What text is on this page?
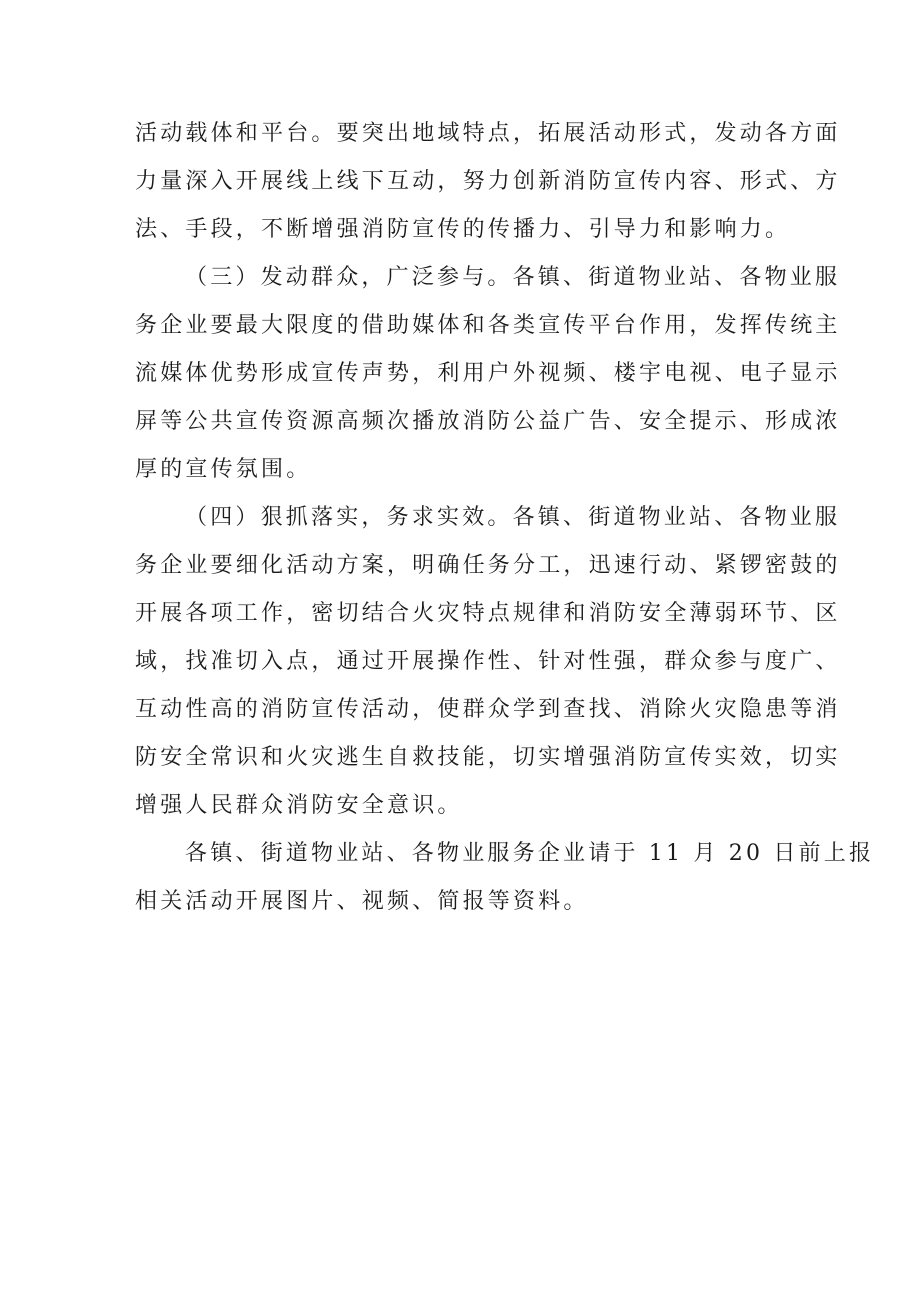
活动载体和平台。要突出地域特点，拓展活动形式，发动各方面
力量深入开展线上线下互动，努力创新消防宣传内容、形式、方
法、手段，不断增强消防宣传的传播力、引导力和影响力。
（三）发动群众，广泛参与。各镇、街道物业站、各物业服
务企业要最大限度的借助媒体和各类宣传平台作用，发挥传统主
流媒体优势形成宣传声势，利用户外视频、楼宇电视、电子显示
屏等公共宣传资源高频次播放消防公益广告、安全提示、形成浓
厚的宣传氛围。
（四）狠抓落实，务求实效。各镇、街道物业站、各物业服
务企业要细化活动方案，明确任务分工，迅速行动、紧锣密鼓的
开展各项工作，密切结合火灾特点规律和消防安全薄弱环节、区
域，找准切入点，通过开展操作性、针对性强，群众参与度广、
互动性高的消防宣传活动，使群众学到查找、消除火灾隐患等消
防安全常识和火灾逃生自救技能，切实增强消防宣传实效，切实
增强人民群众消防安全意识。
各镇、街道物业站、各物业服务企业请于 11 月 20 日前上报
相关活动开展图片、视频、简报等资料。
